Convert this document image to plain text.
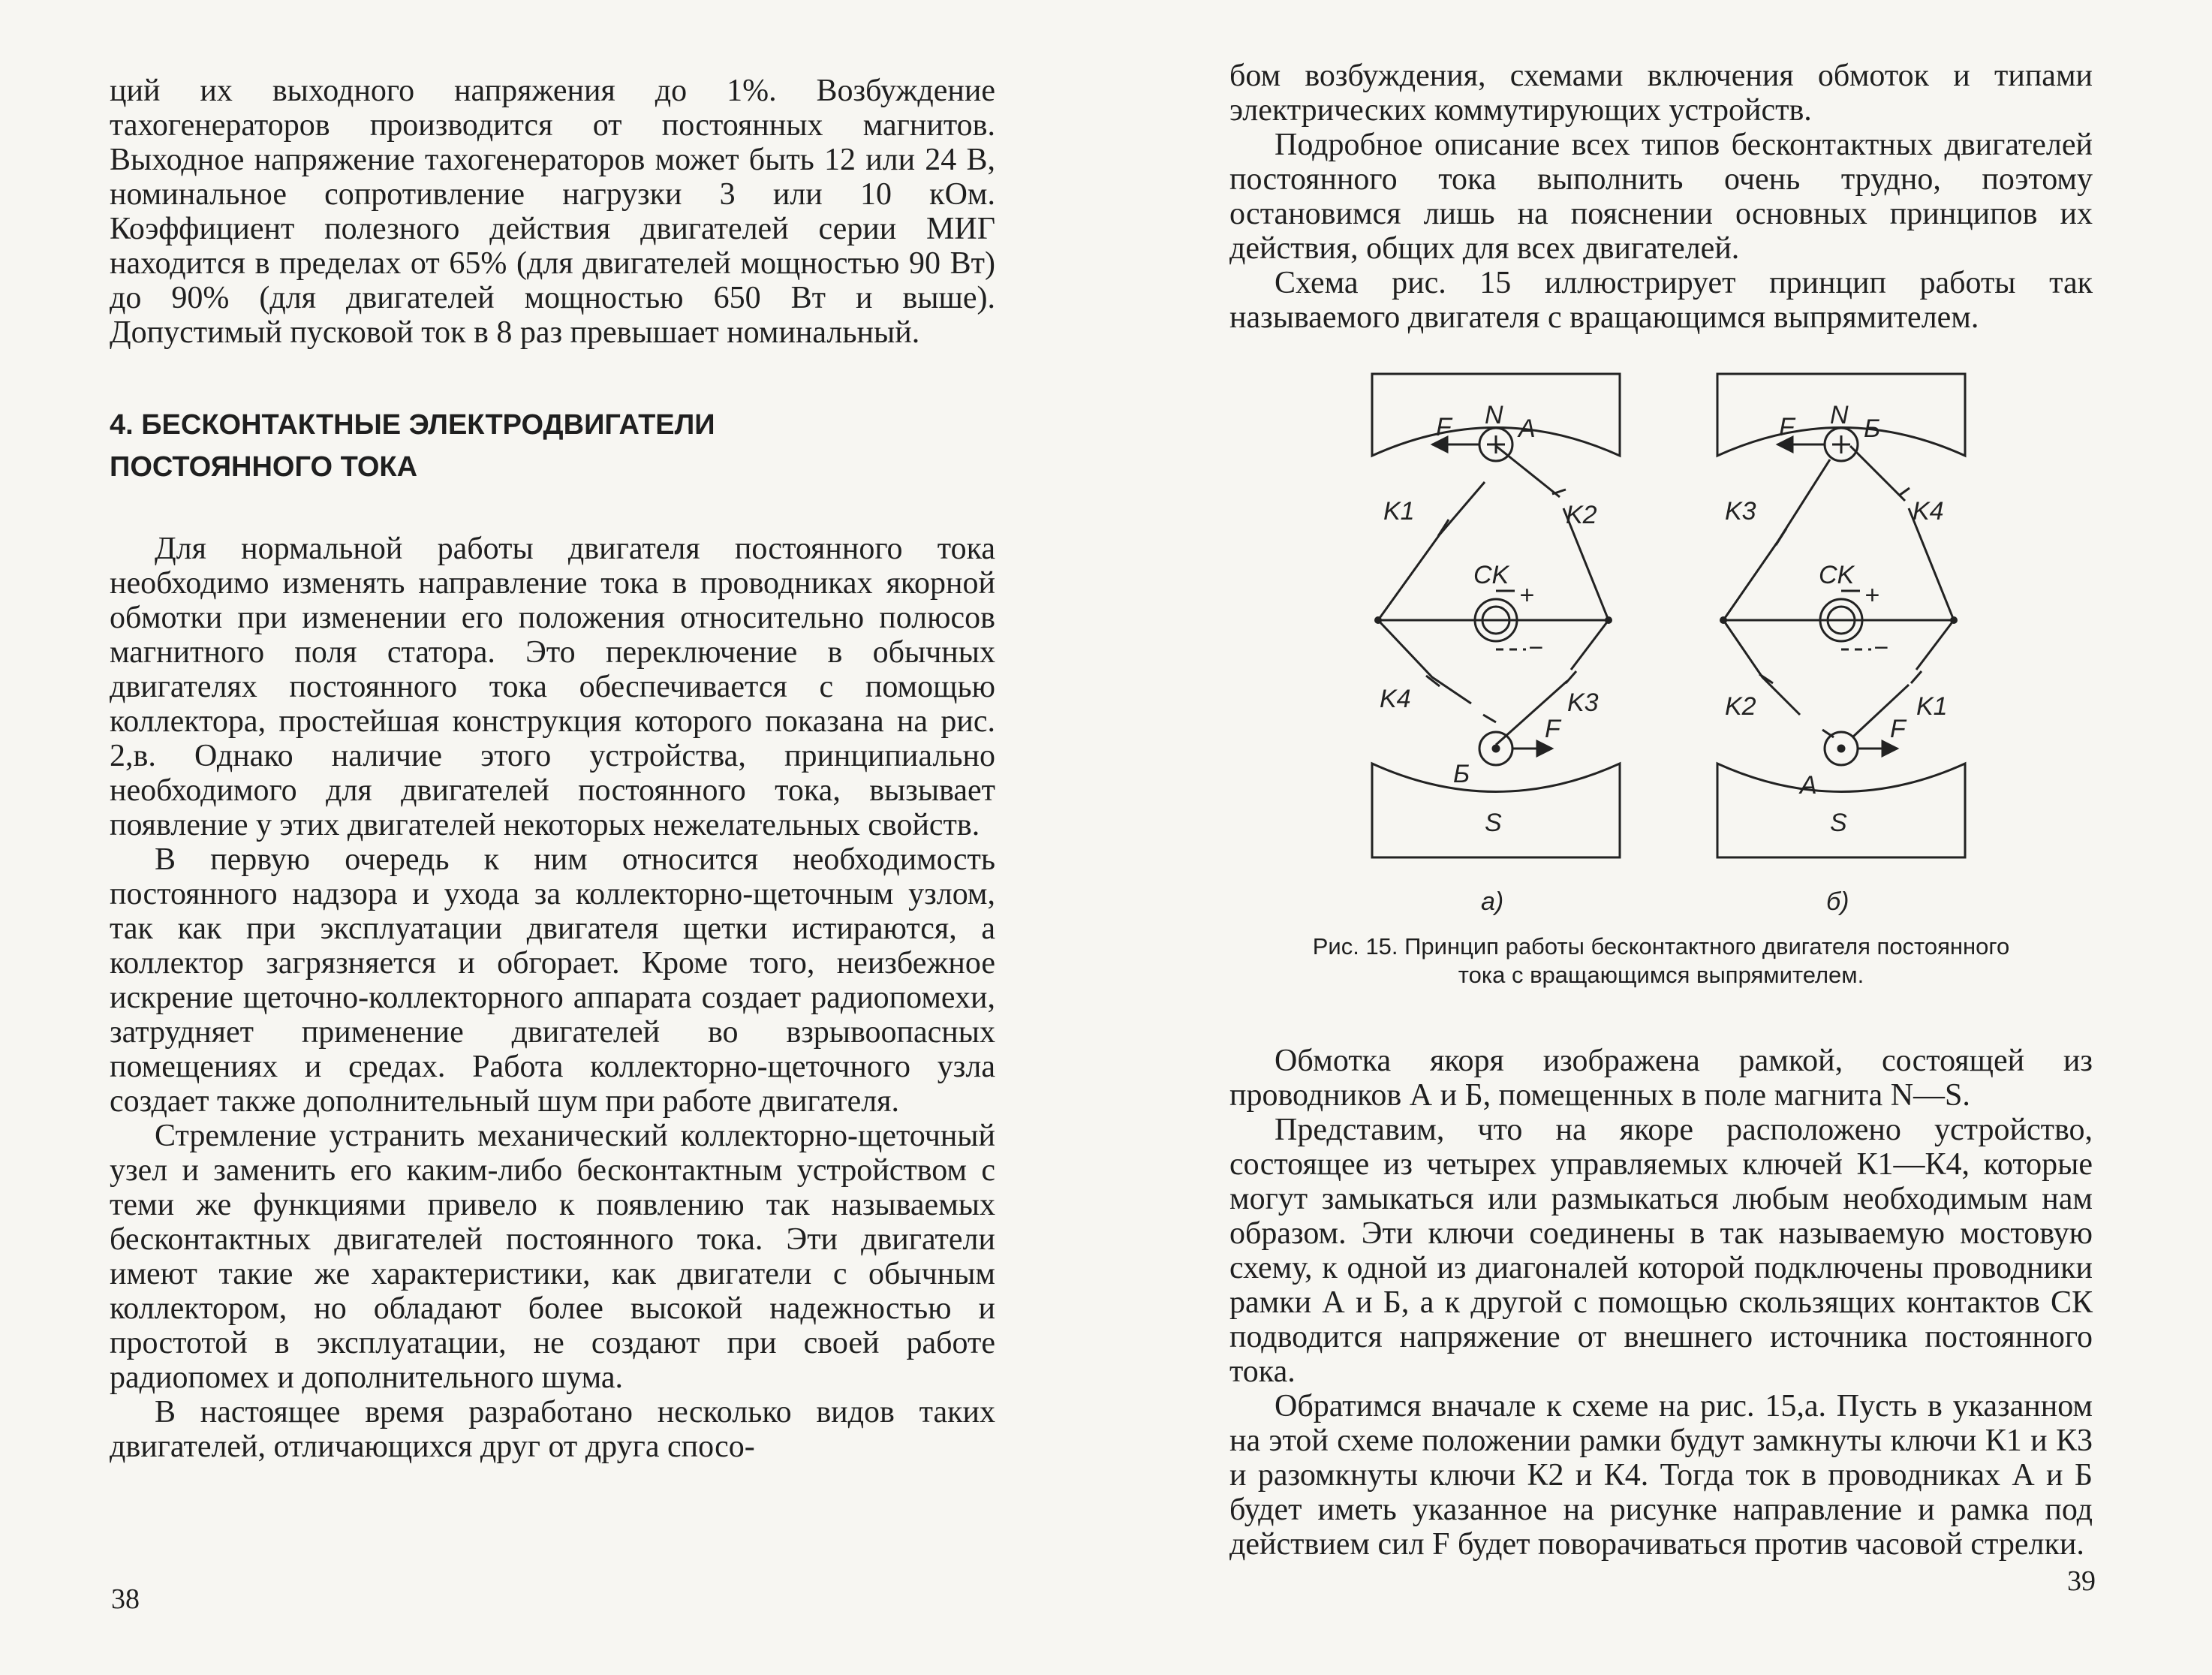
ций их выходного напряжения до 1%. Возбуждение тахогенераторов производится от постоянных магнитов. Выходное напряжение тахогенераторов может быть 12 или 24 В, номинальное сопротивление нагрузки 3 или 10 кОм. Коэффициент полезного действия двигателей серии МИГ находится в пределах от 65% (для двигателей мощностью 90 Вт) до 90% (для двигателей мощностью 650 Вт и выше). Допустимый пусковой ток в 8 раз превышает номинальный.

4. БЕСКОНТАКТНЫЕ ЭЛЕКТРОДВИГАТЕЛИ
ПОСТОЯННОГО ТОКА

Для нормальной работы двигателя постоянного тока необходимо изменять направление тока в проводниках якорной обмотки при изменении его положения относительно полюсов магнитного поля статора. Это переключение в обычных двигателях постоянного тока обеспечивается с помощью коллектора, простейшая конструкция которого показана на рис. 2,в. Однако наличие этого устройства, принципиально необходимого для двигателей постоянного тока, вызывает появление у этих двигателей некоторых нежелательных свойств.

В первую очередь к ним относится необходимость постоянного надзора и ухода за коллекторно-щеточным узлом, так как при эксплуатации двигателя щетки истираются, а коллектор загрязняется и обгорает. Кроме того, неизбежное искрение щеточно-коллекторного аппарата создает радиопомехи, затрудняет применение двигателей во взрывоопасных помещениях и средах. Работа коллекторно-щеточного узла создает также дополнительный шум при работе двигателя.

Стремление устранить механический коллекторно-щеточный узел и заменить его каким-либо бесконтактным устройством с теми же функциями привело к появлению так называемых бесконтактных двигателей постоянного тока. Эти двигатели имеют такие же характеристики, как двигатели с обычным коллектором, но обладают более высокой надежностью и простотой в эксплуатации, не создают при своей работе радиопомех и дополнительного шума.

В настоящее время разработано несколько видов таких двигателей, отличающихся друг от друга спосо-

38

бом возбуждения, схемами включения обмоток и типами электрических коммутирующих устройств.

Подробное описание всех типов бесконтактных двигателей постоянного тока выполнить очень трудно, поэтому остановимся лишь на пояснении основных принципов их действия, общих для всех двигателей.

Схема рис. 15 иллюстрирует принцип работы так называемого двигателя с вращающимся выпрямителем.

N
S
A
Б
K1	K2
K4	K3
CK
F
F
+
−
а)
N
S
Б
A
K3	K4
K2	K1
CK
F
F
+
−
б)
Рис. 15. Принцип работы бесконтактного двигателя постоянного
тока с вращающимся выпрямителем.

Обмотка якоря изображена рамкой, состоящей из проводников А и Б, помещенных в поле магнита N—S.

Представим, что на якоре расположено устройство, состоящее из четырех управляемых ключей К1—К4, которые могут замыкаться или размыкаться любым необходимым нам образом. Эти ключи соединены в так называемую мостовую схему, к одной из диагоналей которой подключены проводники рамки А и Б, а к другой с помощью скользящих контактов СК подводится напряжение от внешнего источника постоянного тока.

Обратимся вначале к схеме на рис. 15,а. Пусть в указанном на этой схеме положении рамки будут замкнуты ключи К1 и К3 и разомкнуты ключи К2 и К4. Тогда ток в проводниках А и Б будет иметь указанное на рисунке направление и рамка под действием сил F будет поворачиваться против часовой стрелки.

39
